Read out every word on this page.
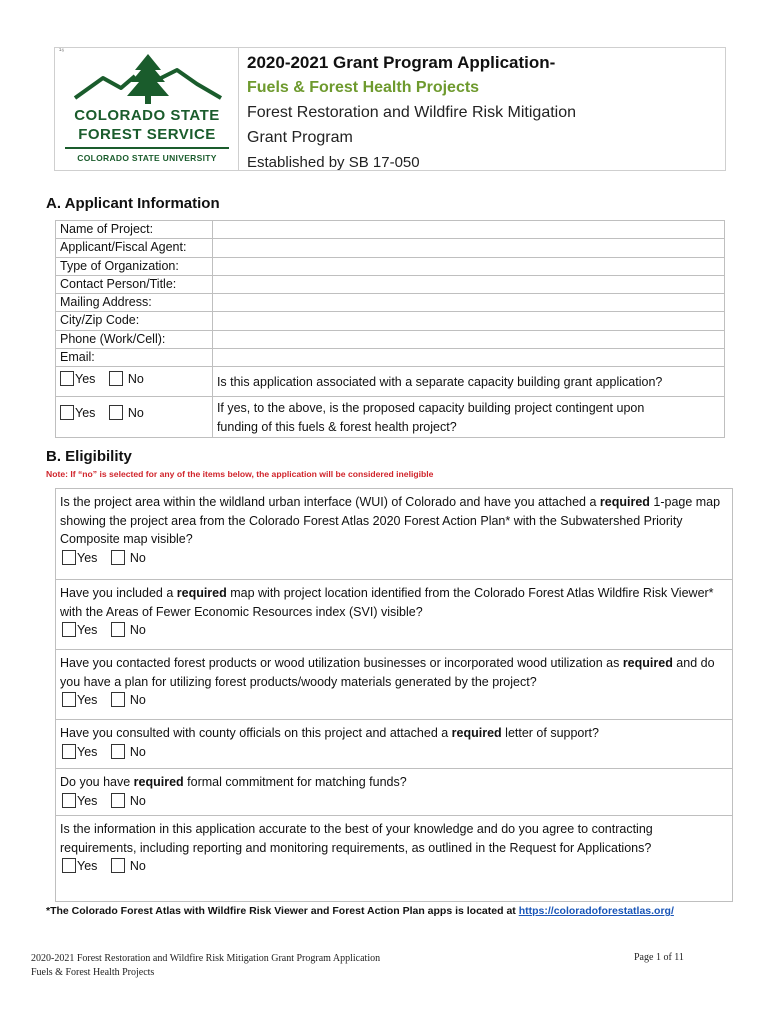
¹⁶
COLORADO STATE
FOREST SERVICE
COLORADO STATE UNIVERSITY
2020-2021 Grant Program Application-
Fuels & Forest Health Projects
Forest Restoration and Wildfire Risk Mitigation
Grant Program
Established by SB 17-050
A. Applicant Information
Name of Project:	
Applicant/Fiscal Agent:	
Type of Organization:	
Contact Person/Title:	
Mailing Address:	
City/Zip Code:	
Phone (Work/Cell):	
Email:	
Yes No	Is this application associated with a separate capacity building grant application?
Yes No	If yes, to the above, is the proposed capacity building project contingent upon
funding of this fuels & forest health project?
B. Eligibility
Note: If “no” is selected for any of the items below, the application will be considered ineligible
Is the project area within the wildland urban interface (WUI) of Colorado and have you attached a required 1-page map showing the project area from the Colorado Forest Atlas 2020 Forest Action Plan* with the Subwatershed Priority Composite map visible?
Yes	No

Have you included a required map with project location identified from the Colorado Forest Atlas Wildfire Risk Viewer* with the Areas of Fewer Economic Resources index (SVI) visible?
Yes	No

Have you contacted forest products or wood utilization businesses or incorporated wood utilization as required and do you have a plan for utilizing forest products/woody materials generated by the project?
Yes	No

Have you consulted with county officials on this project and attached a required letter of support?
Yes	No

Do you have required formal commitment for matching funds?
Yes	No

Is the information in this application accurate to the best of your knowledge and do you agree to contracting requirements, including reporting and monitoring requirements, as outlined in the Request for Applications?
Yes	No
*The Colorado Forest Atlas with Wildfire Risk Viewer and Forest Action Plan apps is located at https://coloradoforestatlas.org/
2020-2021 Forest Restoration and Wildfire Risk Mitigation Grant Program Application
Fuels & Forest Health Projects
Page 1 of 11
